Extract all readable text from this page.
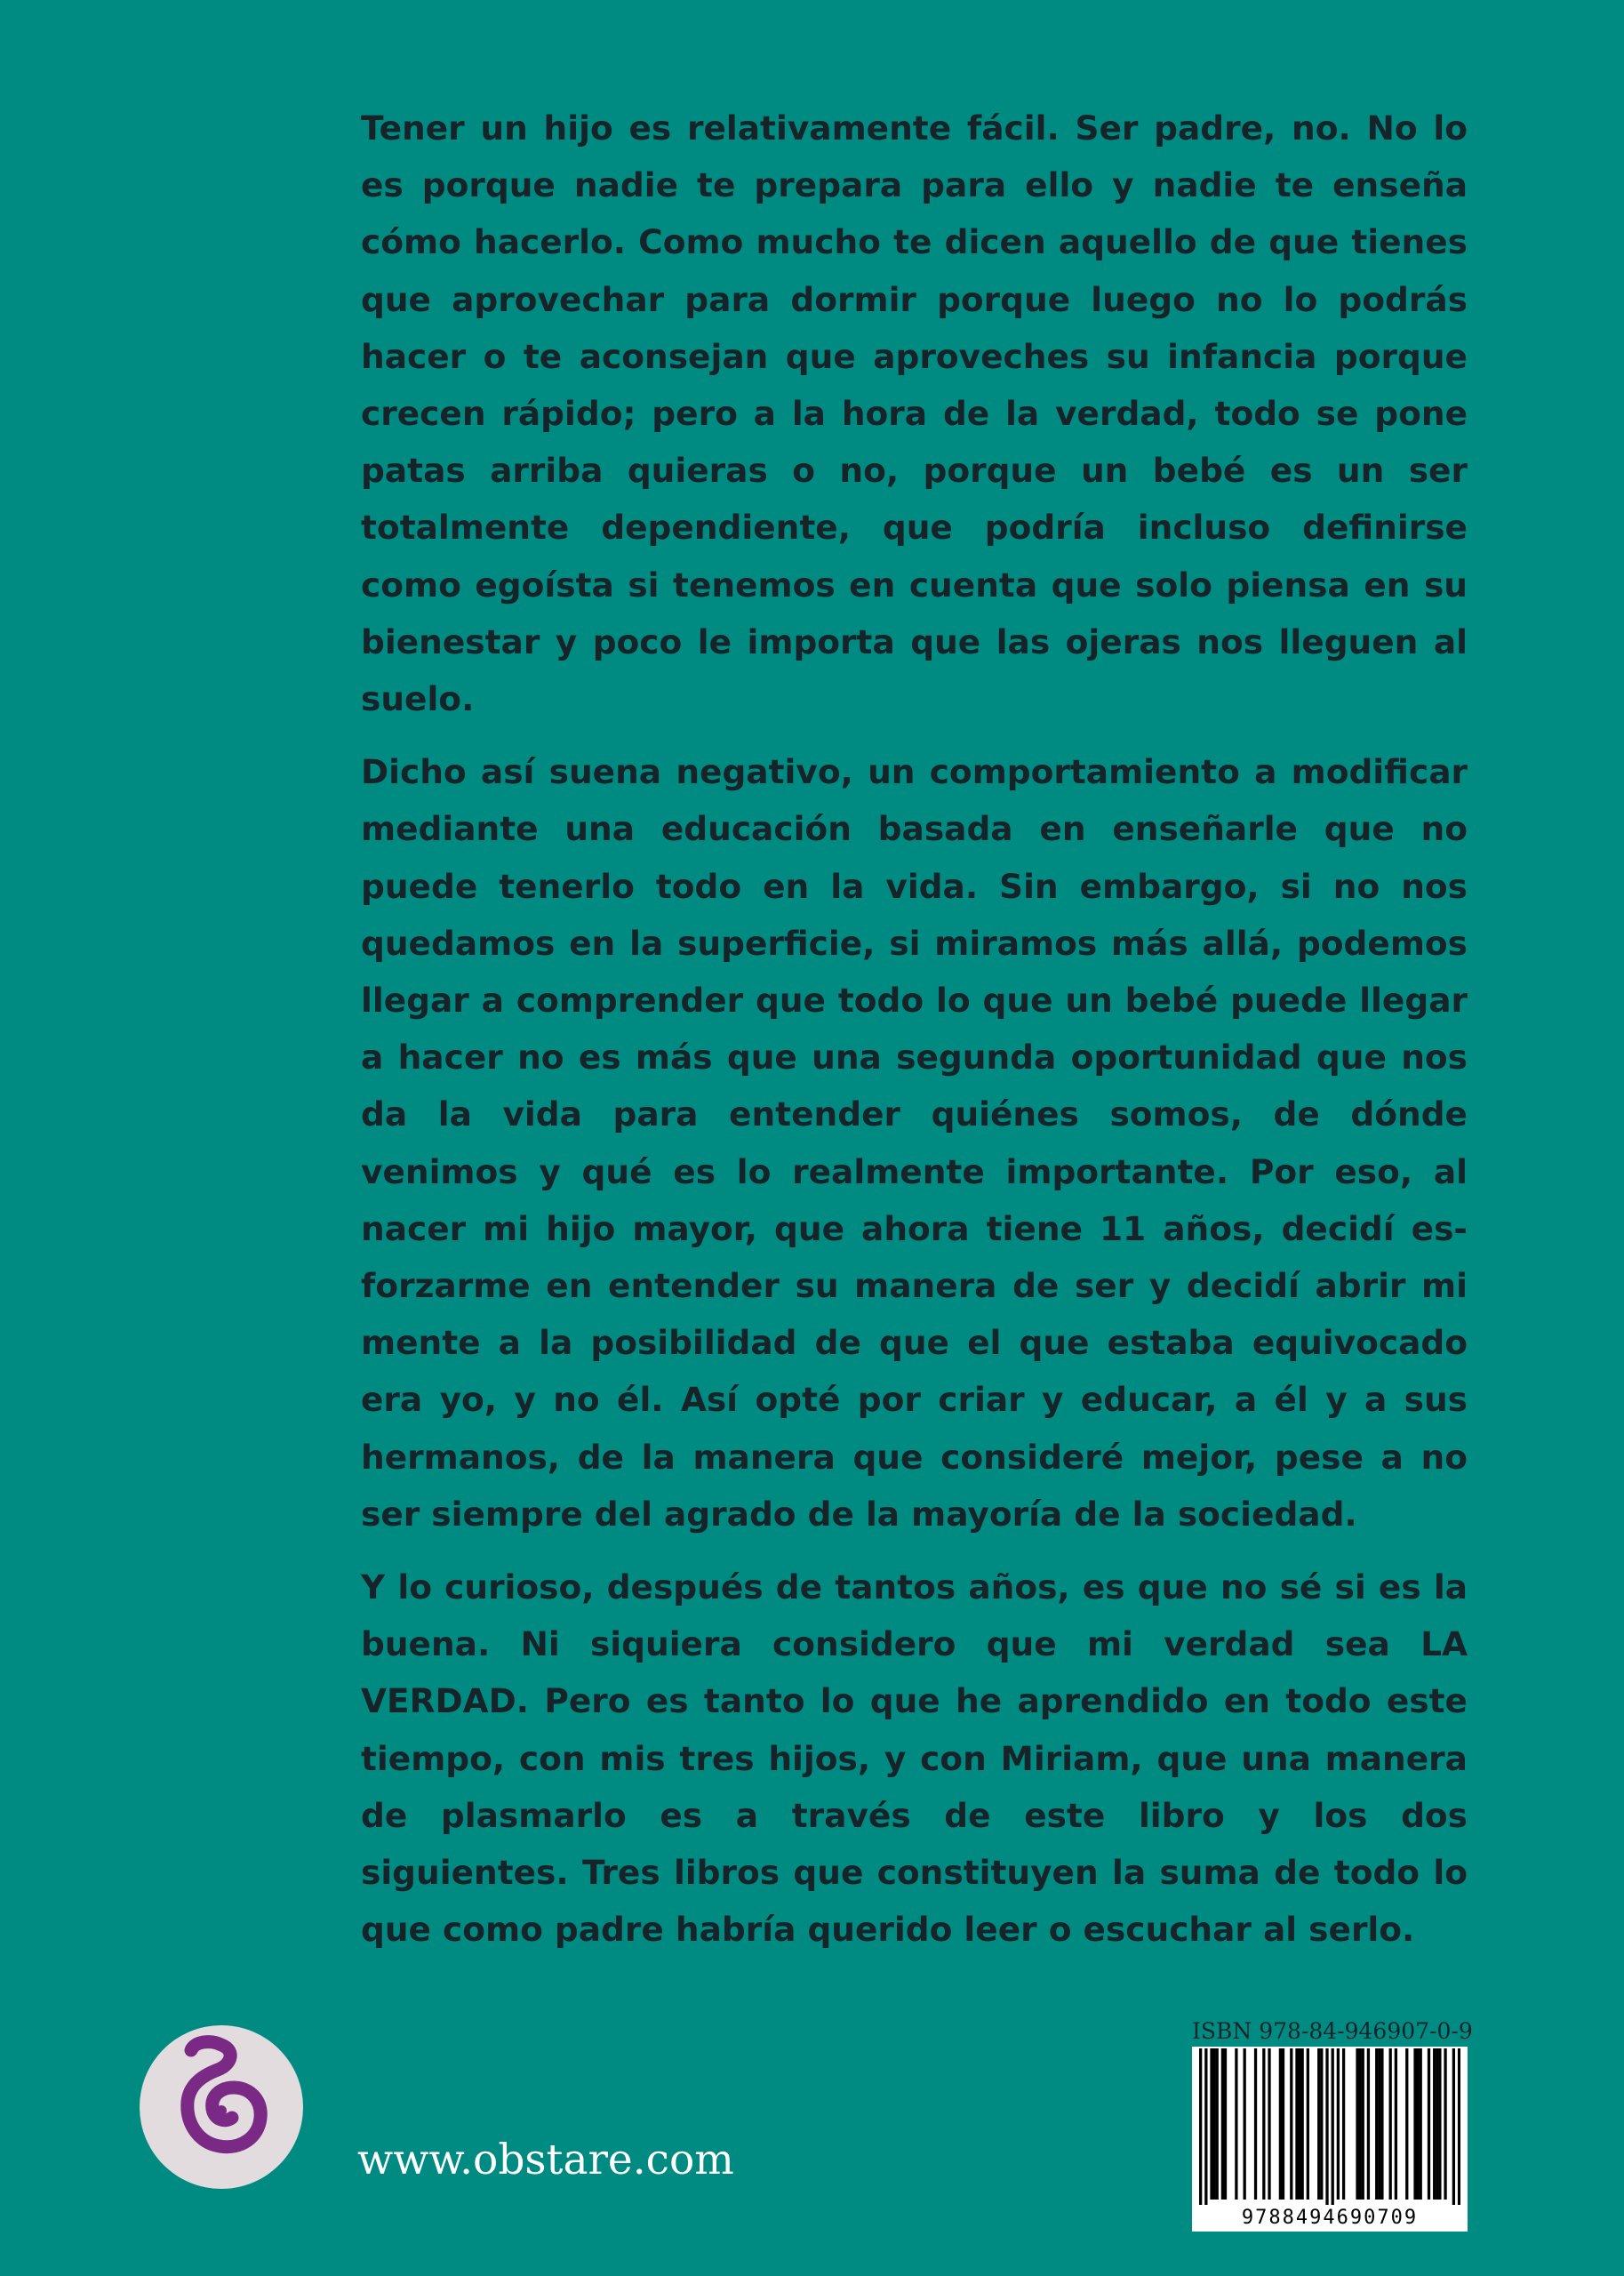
Tener un hijo es relativamente fácil. Ser padre, no. No lo es porque nadie te prepara para ello y nadie te enseña cómo hacerlo. Como mucho te dicen aquello de que tienes que aprovechar para dormir porque luego no lo podrás hacer o te aconsejan que aproveches su infancia porque crecen rápido; pero a la hora de la verdad, todo se pone patas arriba quieras o no, porque un bebé es un ser totalmente dependiente, que podría incluso definirse como egoísta si tenemos en cuenta que solo piensa en su bienestar y poco le importa que las ojeras nos lleguen al suelo.

Dicho así suena negativo, un comportamiento a modificar mediante una educación basada en enseñarle que no puede tenerlo todo en la vida. Sin embargo, si no nos quedamos en la superficie, si miramos más allá, podemos llegar a comprender que todo lo que un bebé puede llegar a hacer no es más que una segunda oportunidad que nos da la vida para entender quiénes somos, de dónde venimos y qué es lo realmente importante. Por eso, al nacer mi hijo mayor, que ahora tiene 11 años, decidí esforzarme en entender su manera de ser y decidí abrir mi mente a la posibilidad de que el que estaba equivocado era yo, y no él. Así opté por criar y educar, a él y a sus hermanos, de la manera que consideré mejor, pese a no ser siempre del agrado de la mayoría de la sociedad.

Y lo curioso, después de tantos años, es que no sé si es la buena. Ni siquiera considero que mi verdad sea LA VERDAD. Pero es tanto lo que he aprendido en todo este tiempo, con mis tres hijos, y con Miriam, que una manera de plasmarlo es a través de este libro y los dos siguientes. Tres libros que constituyen la suma de todo lo que como padre habría querido leer o escuchar al serlo.

www.obstare.com
ISBN 978-84-946907-0-9
9788494690709
